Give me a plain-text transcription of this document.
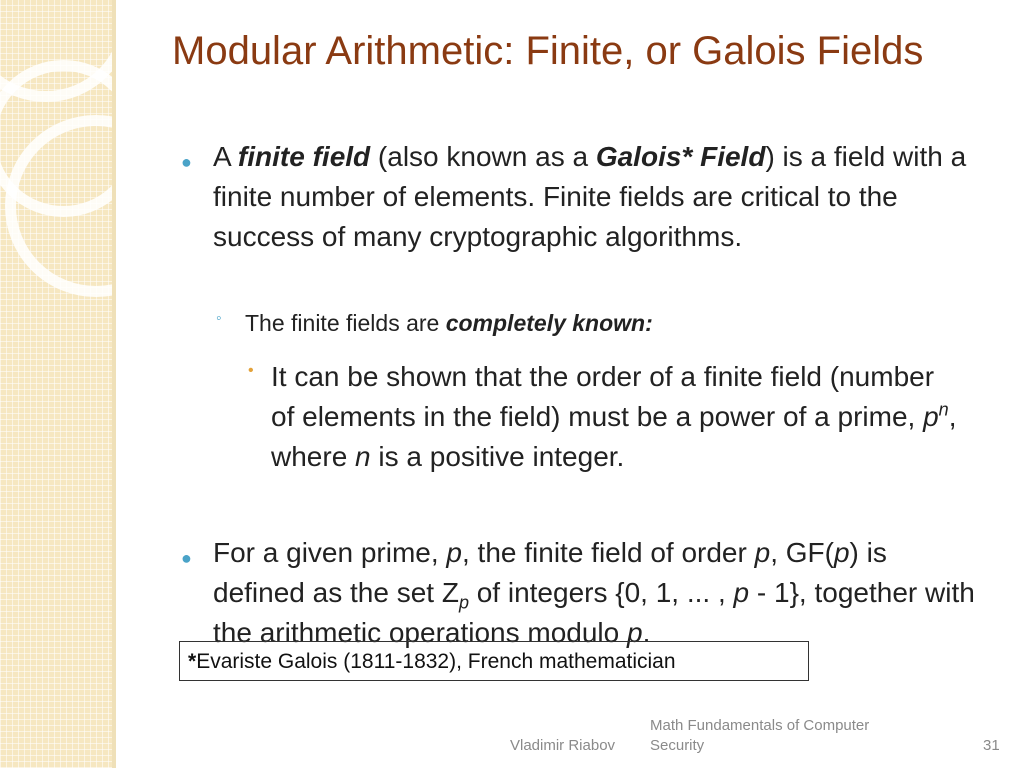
Modular Arithmetic: Finite, or Galois Fields
● A finite field (also known as a Galois* Field) is a field with a finite number of elements. Finite fields are critical to the success of many cryptographic algorithms.
◦ The finite fields are completely known:
• It can be shown that the order of a finite field (number of elements in the field) must be a power of a prime, $p^n$, where n is a positive integer.
● For a given prime, p, the finite field of order p, GF(p) is defined as the set $Z_p$ of integers {0, 1, ... , p - 1}, together with the arithmetic operations modulo p.
*Evariste Galois (1811-1832), French mathematician
Vladimir Riabov
Math Fundamentals of Computer
Security	31
